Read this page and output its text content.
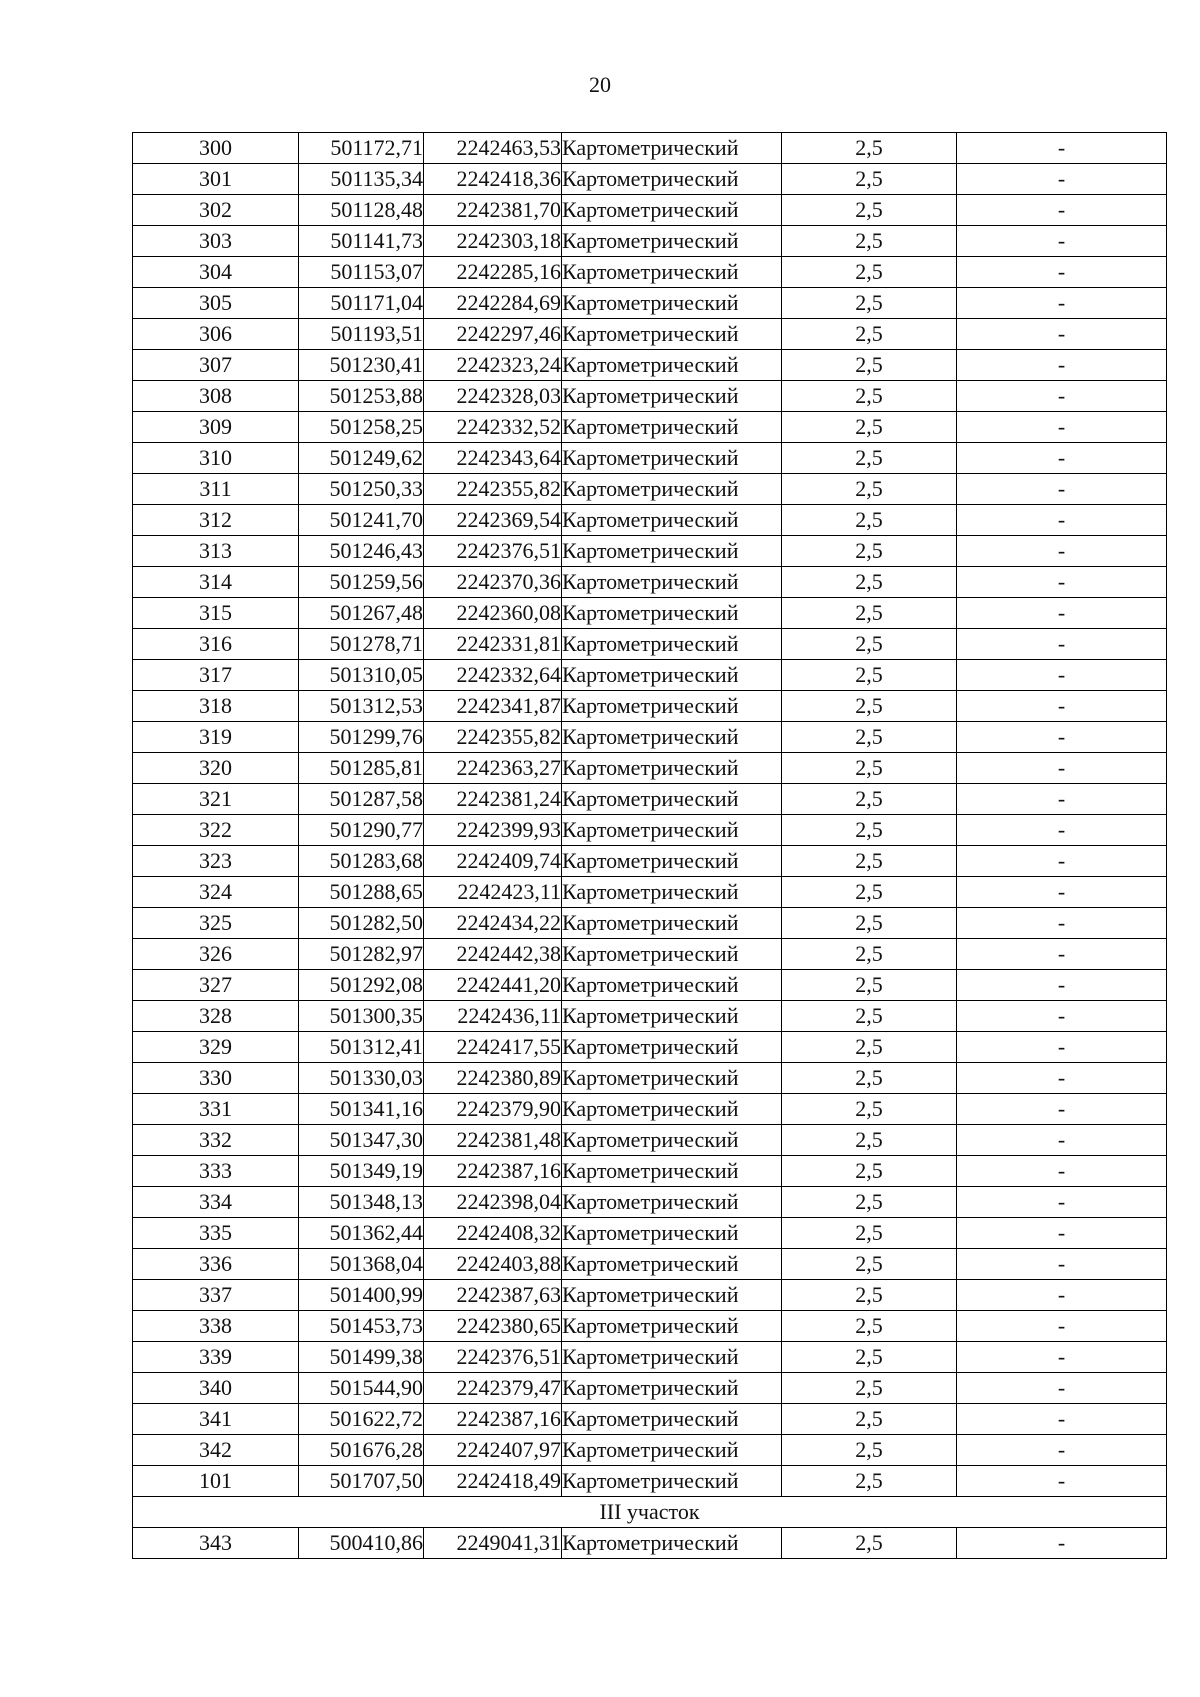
20
300	501172,71	2242463,53	Картометрический	2,5	-
301	501135,34	2242418,36	Картометрический	2,5	-
302	501128,48	2242381,70	Картометрический	2,5	-
303	501141,73	2242303,18	Картометрический	2,5	-
304	501153,07	2242285,16	Картометрический	2,5	-
305	501171,04	2242284,69	Картометрический	2,5	-
306	501193,51	2242297,46	Картометрический	2,5	-
307	501230,41	2242323,24	Картометрический	2,5	-
308	501253,88	2242328,03	Картометрический	2,5	-
309	501258,25	2242332,52	Картометрический	2,5	-
310	501249,62	2242343,64	Картометрический	2,5	-
311	501250,33	2242355,82	Картометрический	2,5	-
312	501241,70	2242369,54	Картометрический	2,5	-
313	501246,43	2242376,51	Картометрический	2,5	-
314	501259,56	2242370,36	Картометрический	2,5	-
315	501267,48	2242360,08	Картометрический	2,5	-
316	501278,71	2242331,81	Картометрический	2,5	-
317	501310,05	2242332,64	Картометрический	2,5	-
318	501312,53	2242341,87	Картометрический	2,5	-
319	501299,76	2242355,82	Картометрический	2,5	-
320	501285,81	2242363,27	Картометрический	2,5	-
321	501287,58	2242381,24	Картометрический	2,5	-
322	501290,77	2242399,93	Картометрический	2,5	-
323	501283,68	2242409,74	Картометрический	2,5	-
324	501288,65	2242423,11	Картометрический	2,5	-
325	501282,50	2242434,22	Картометрический	2,5	-
326	501282,97	2242442,38	Картометрический	2,5	-
327	501292,08	2242441,20	Картометрический	2,5	-
328	501300,35	2242436,11	Картометрический	2,5	-
329	501312,41	2242417,55	Картометрический	2,5	-
330	501330,03	2242380,89	Картометрический	2,5	-
331	501341,16	2242379,90	Картометрический	2,5	-
332	501347,30	2242381,48	Картометрический	2,5	-
333	501349,19	2242387,16	Картометрический	2,5	-
334	501348,13	2242398,04	Картометрический	2,5	-
335	501362,44	2242408,32	Картометрический	2,5	-
336	501368,04	2242403,88	Картометрический	2,5	-
337	501400,99	2242387,63	Картометрический	2,5	-
338	501453,73	2242380,65	Картометрический	2,5	-
339	501499,38	2242376,51	Картометрический	2,5	-
340	501544,90	2242379,47	Картометрический	2,5	-
341	501622,72	2242387,16	Картометрический	2,5	-
342	501676,28	2242407,97	Картометрический	2,5	-
101	501707,50	2242418,49	Картометрический	2,5	-
III участок					
343	500410,86	2249041,31	Картометрический	2,5	-
